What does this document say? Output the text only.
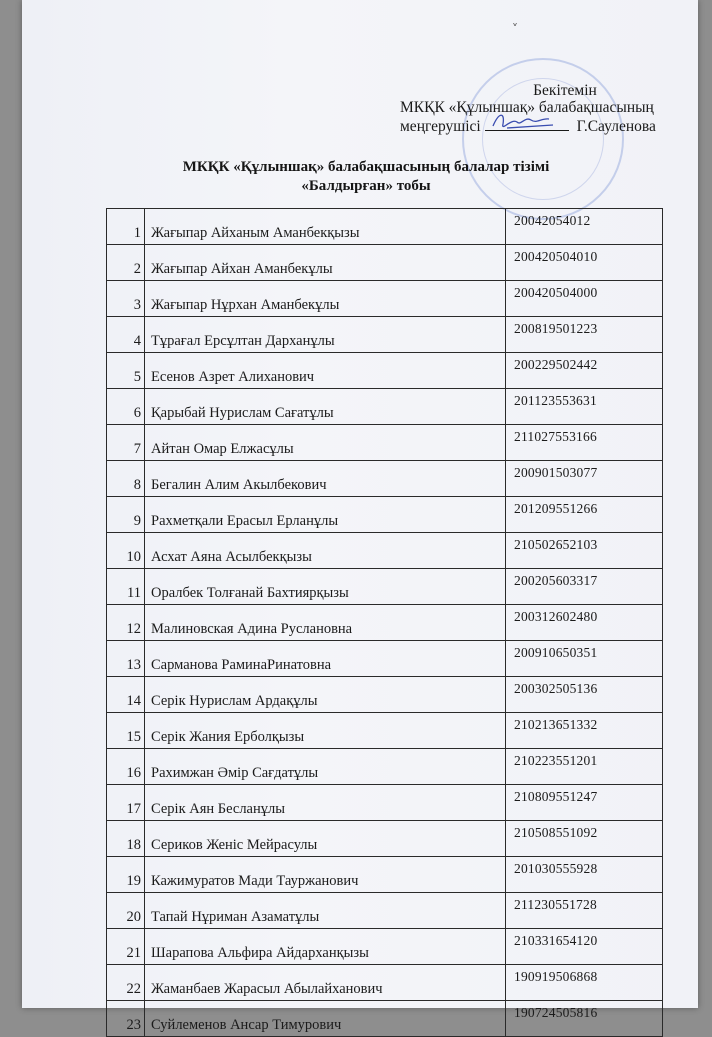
Бекітемін
МКҚК «Құлыншақ» балабақшасының
меңгерушісі	Г.Сауленова
МКҚК «Құлыншақ» балабақшасының балалар тізімі
«Балдырған» тобы
1	Жағыпар Айханым Аманбекқызы	20042054012
2	Жағыпар Айхан Аманбекұлы	200420504010
3	Жағыпар Нұрхан Аманбекұлы	200420504000
4	Тұрағал Ерсұлтан Дарханұлы	200819501223
5	Есенов Азрет Алиханович	200229502442
6	Қарыбай Нурислам Сағатұлы	201123553631
7	Айтан Омар Елжасұлы	211027553166
8	Бегалин Алим Акылбекович	200901503077
9	Рахметқали Ерасыл Ерланұлы	201209551266
10	Асхат Аяна Асылбекқызы	210502652103
11	Оралбек Толғанай Бахтиярқызы	200205603317
12	Малиновская Адина Руслановна	200312602480
13	Сарманова РаминаРинатовна	200910650351
14	Серік Нурислам Ардақұлы	200302505136
15	Серік Жания Ерболқызы	210213651332
16	Рахимжан Әмір Сағдатұлы	210223551201
17	Серік Аян Бесланұлы	210809551247
18	Сериков Женіс Мейрасулы	210508551092
19	Кажимуратов Мади Тауржанович	201030555928
20	Тапай Нұриман Азаматұлы	211230551728
21	Шарапова Альфира Айдарханқызы	210331654120
22	Жаманбаев Жарасыл Абылайханович	190919506868
23	Суйлеменов Ансар Тимурович	190724505816
˅
